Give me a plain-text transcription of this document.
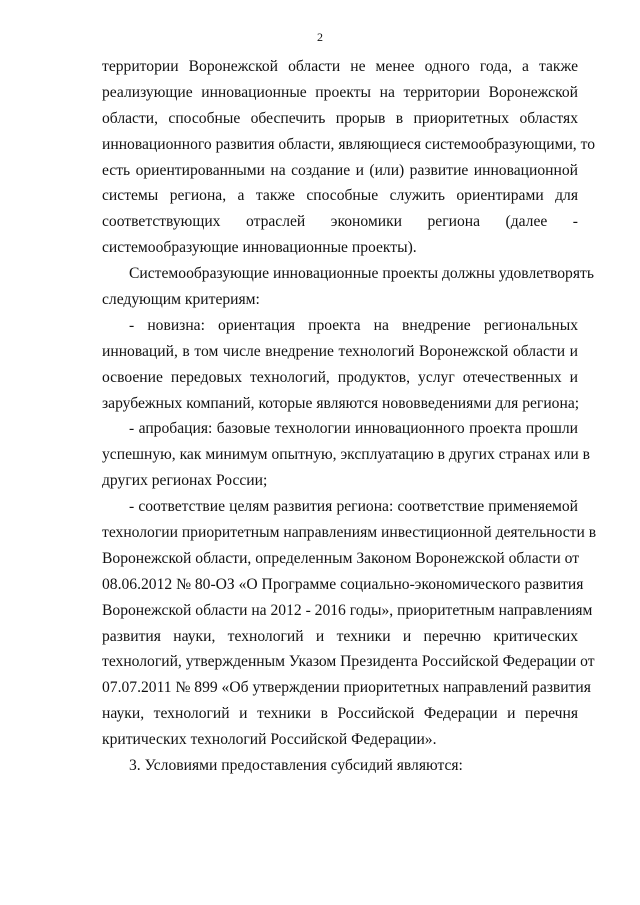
2
территории Воронежской области не менее одного года, а также
реализующие инновационные проекты на территории Воронежской
области, способные обеспечить прорыв в приоритетных областях
инновационного развития области, являющиеся системообразующими, то
есть ориентированными на создание и (или) развитие инновационной
системы региона, а также способные служить ориентирами для
соответствующих отраслей экономики региона (далее -
системообразующие инновационные проекты).
Системообразующие инновационные проекты должны удовлетворять
следующим критериям:
- новизна: ориентация проекта на внедрение региональных
инноваций, в том числе внедрение технологий Воронежской области и
освоение передовых технологий, продуктов, услуг отечественных и
зарубежных компаний, которые являются нововведениями для региона;
- апробация: базовые технологии инновационного проекта прошли
успешную, как минимум опытную, эксплуатацию в других странах или в
других регионах России;
- соответствие целям развития региона: соответствие применяемой
технологии приоритетным направлениям инвестиционной деятельности в
Воронежской области, определенным Законом Воронежской области от
08.06.2012 № 80-ОЗ «О Программе социально-экономического развития
Воронежской области на 2012 - 2016 годы», приоритетным направлениям
развития науки, технологий и техники и перечню критических
технологий, утвержденным Указом Президента Российской Федерации от
07.07.2011 № 899 «Об утверждении приоритетных направлений развития
науки, технологий и техники в Российской Федерации и перечня
критических технологий Российской Федерации».
3. Условиями предоставления субсидий являются:
